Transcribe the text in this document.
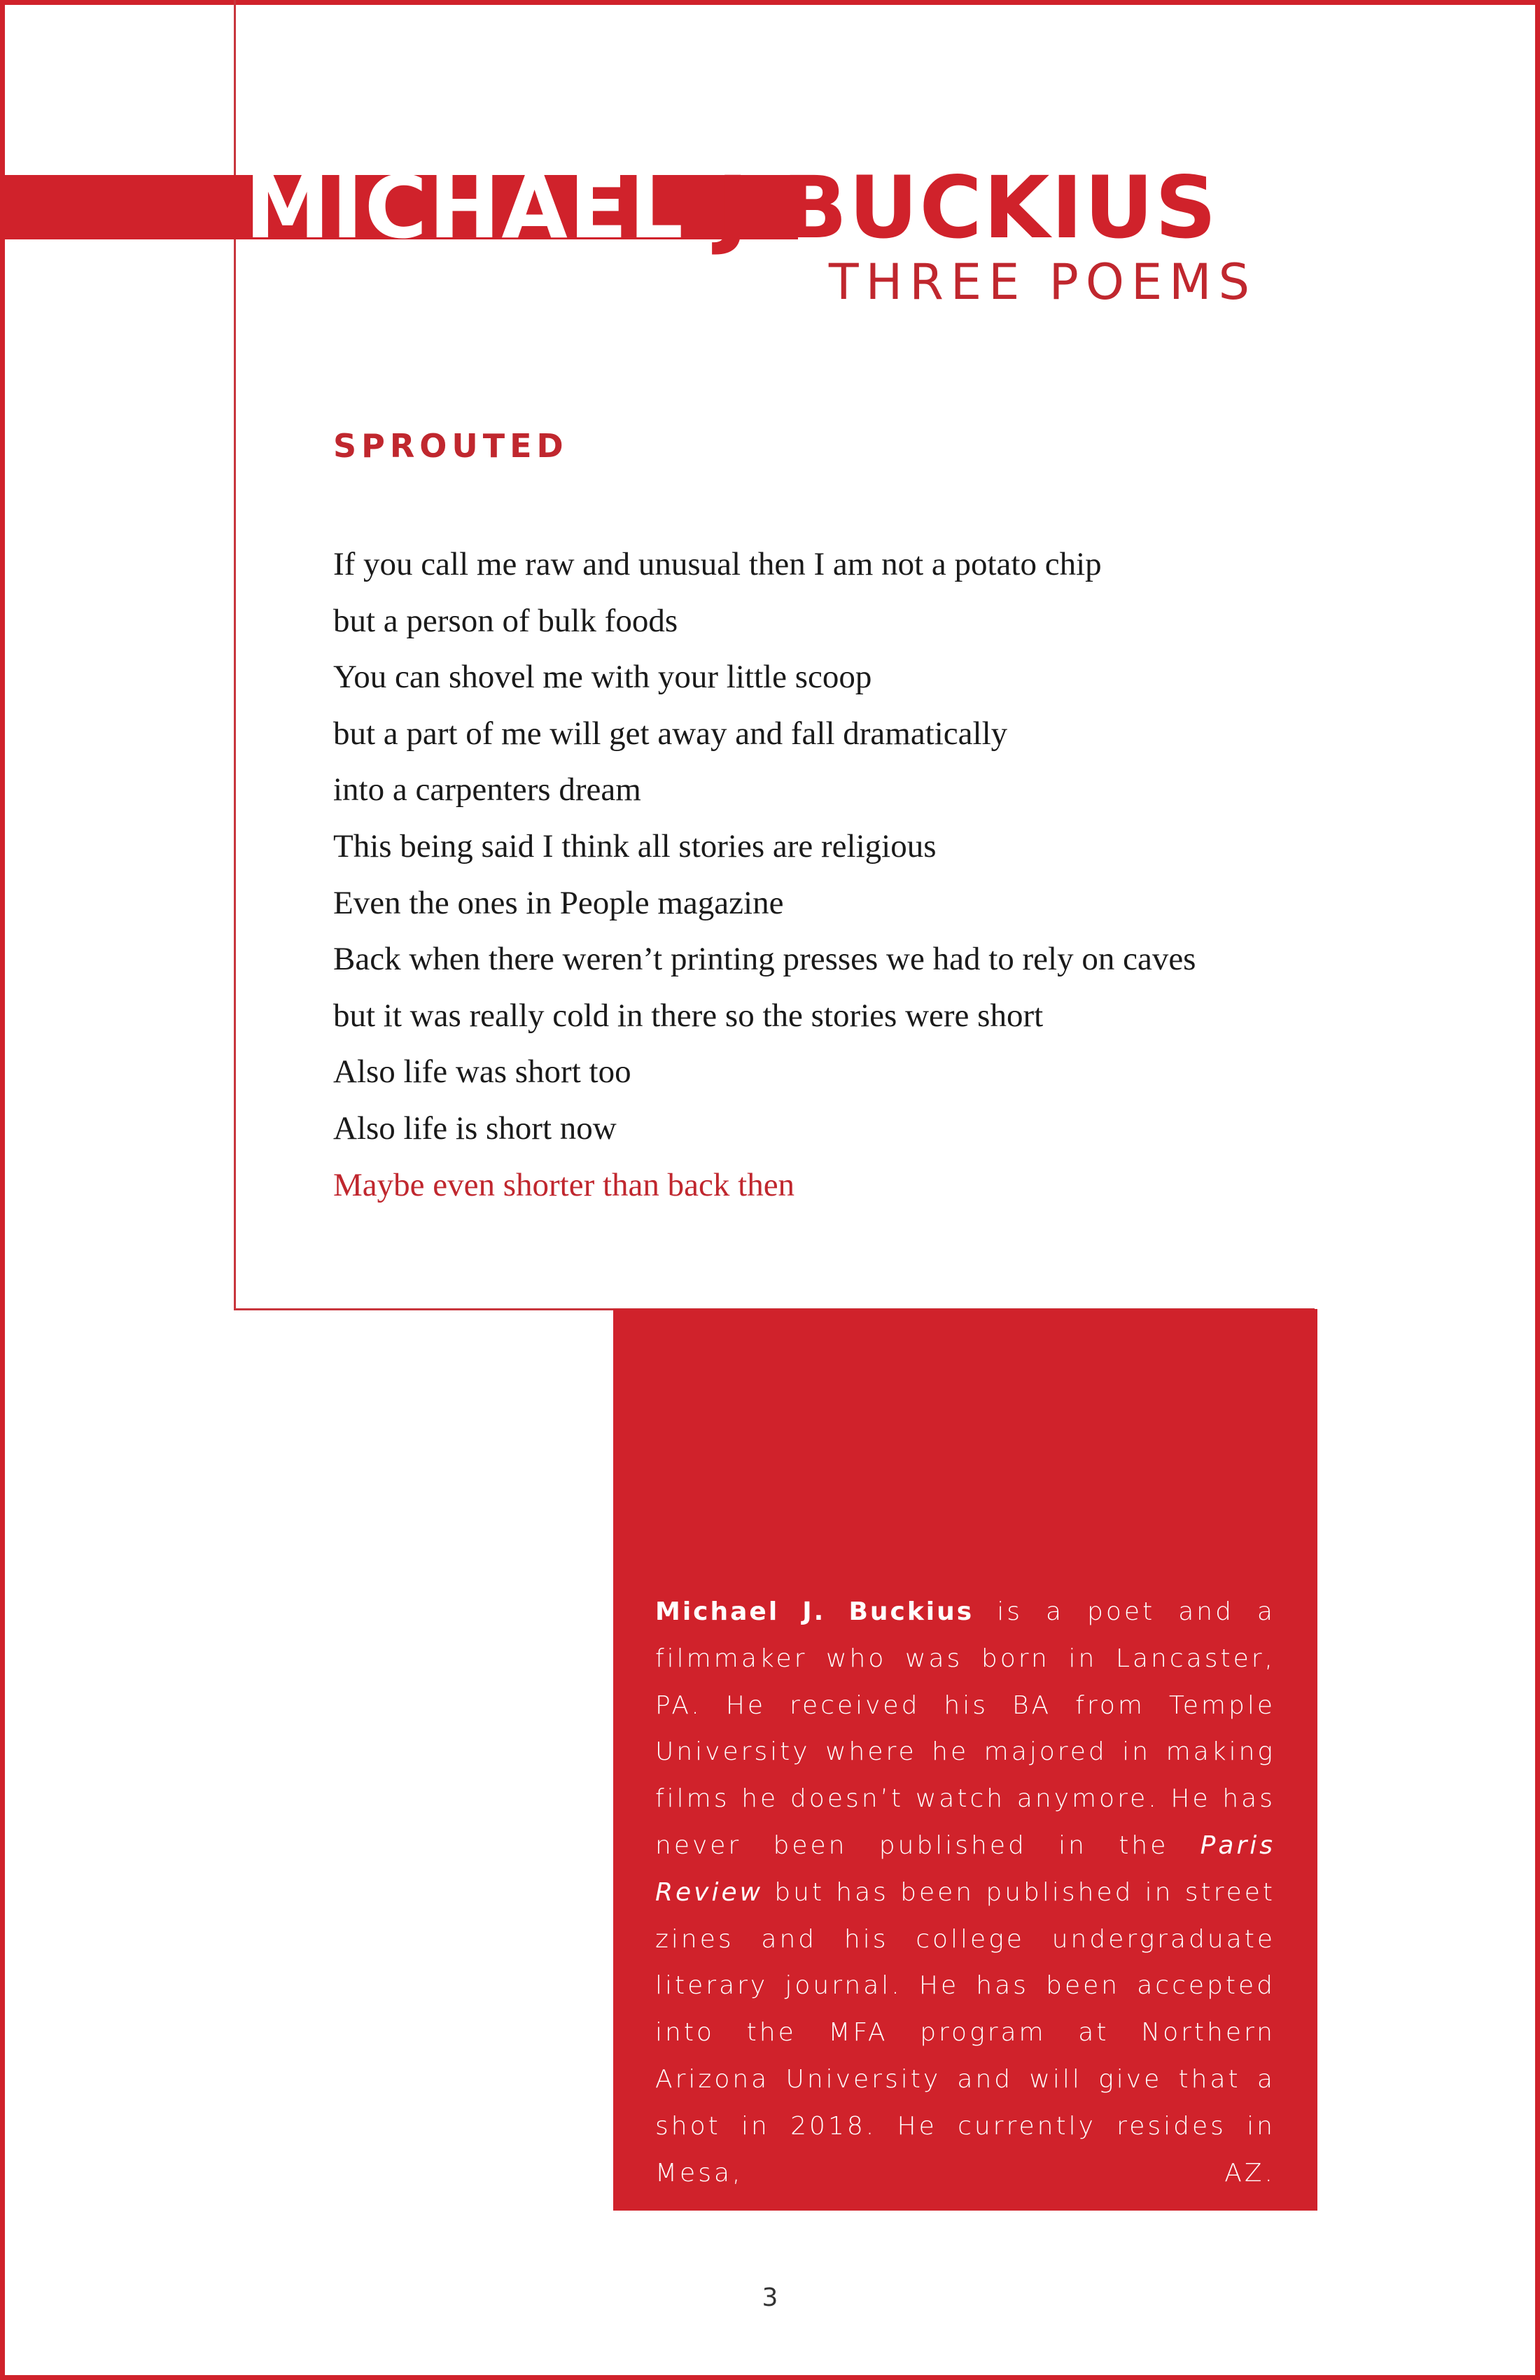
MICHAEL J BUCKIUS
THREE POEMS
SPROUTED
If you call me raw and unusual then I am not a potato chip
but a person of bulk foods
You can shovel me with your little scoop
but a part of me will get away and fall dramatically
into a carpenters dream
This being said I think all stories are religious
Even the ones in People magazine
Back when there weren’t printing presses we had to rely on caves
but it was really cold in there so the stories were short
Also life was short too
Also life is short now
Maybe even shorter than back then

Michael J. Buckius is a poet and a filmmaker who was born in Lancaster, PA. He received his BA from Temple University where he majored in making films he doesn’t watch anymore. He has never been published in the Paris Review but has been published in street zines and his college undergraduate literary journal. He has been accepted into the MFA program at Northern Arizona University and will give that a shot in 2018. He currently resides in Mesa, AZ.

3
